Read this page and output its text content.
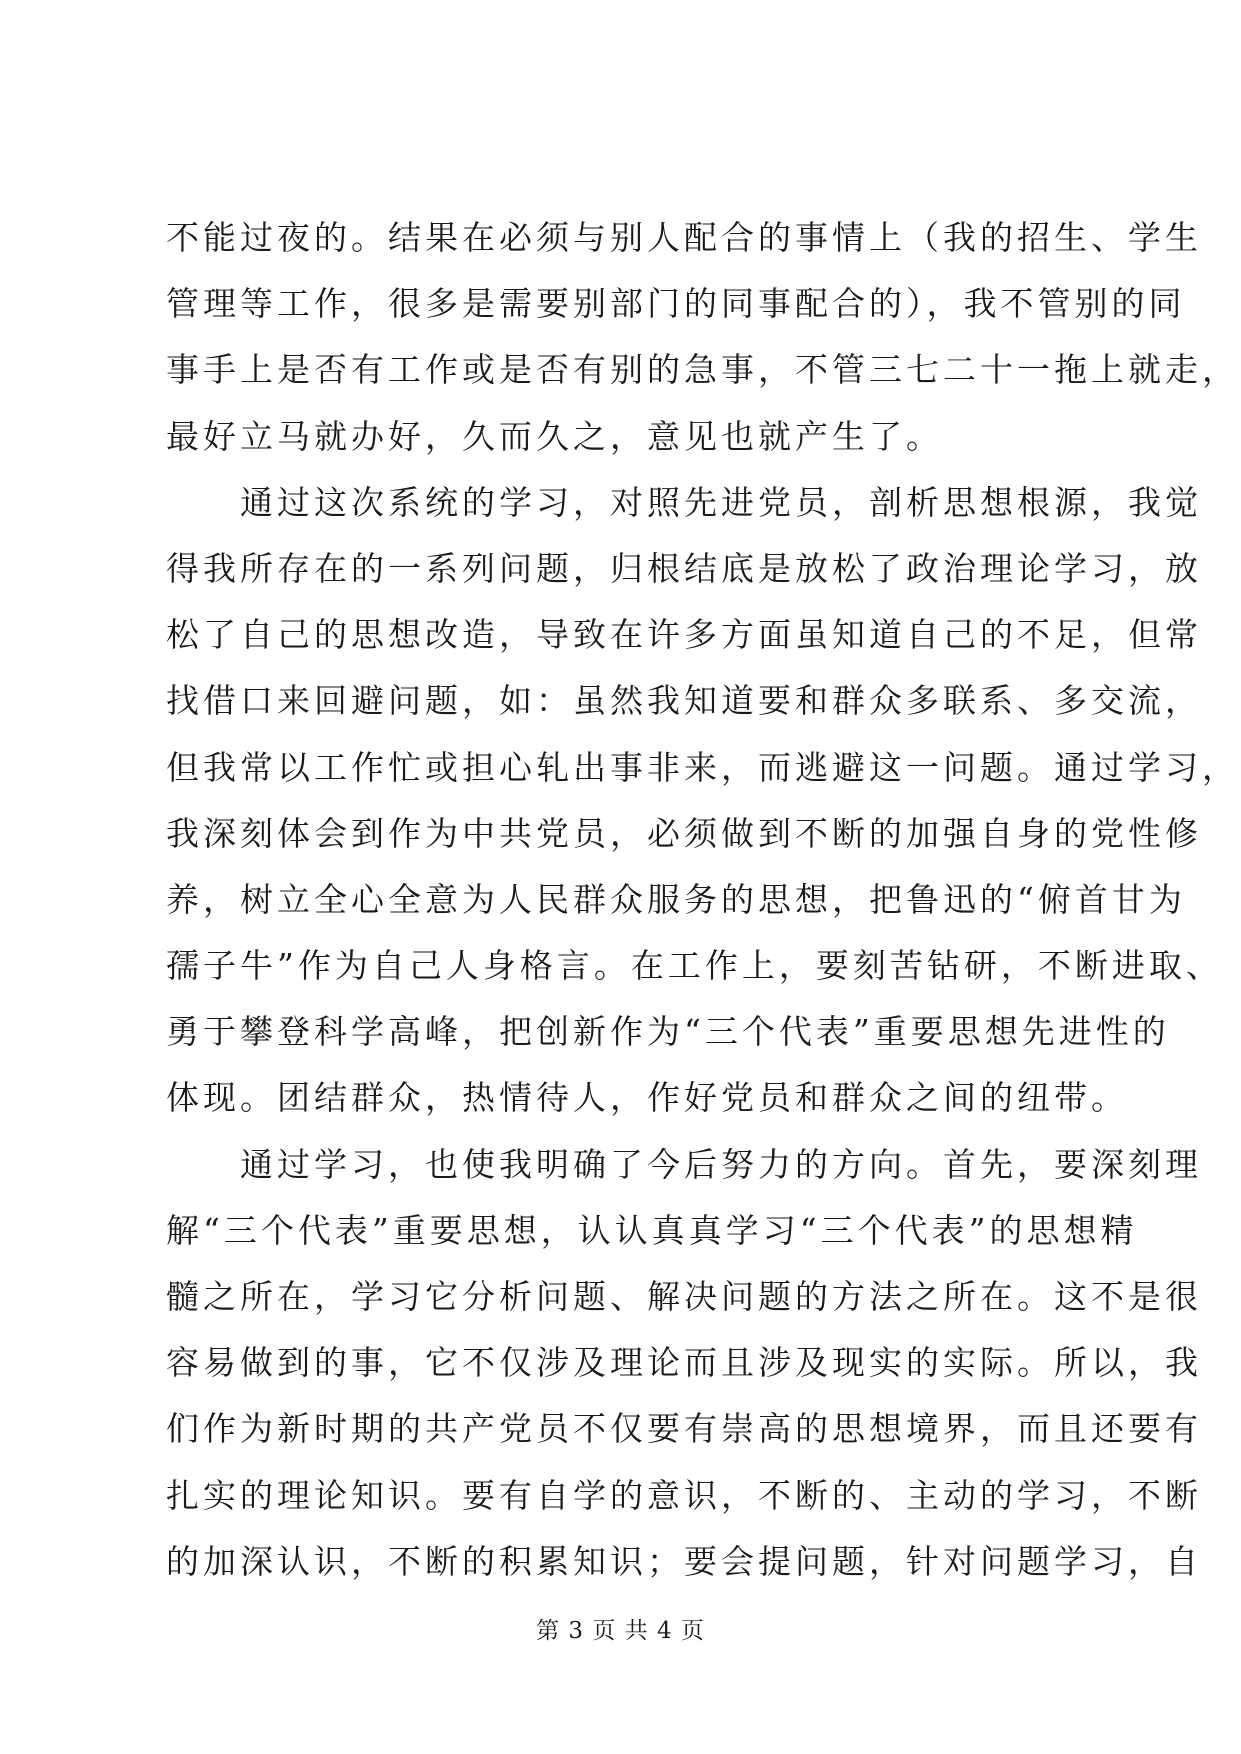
不能过夜的。结果在必须与别人配合的事情上（我的招生、学生
管理等工作，很多是需要别部门的同事配合的），我不管别的同
事手上是否有工作或是否有别的急事，不管三七二十一拖上就走，
最好立马就办好，久而久之，意见也就产生了。
通过这次系统的学习，对照先进党员，剖析思想根源，我觉
得我所存在的一系列问题，归根结底是放松了政治理论学习，放
松了自己的思想改造，导致在许多方面虽知道自己的不足，但常
找借口来回避问题，如：虽然我知道要和群众多联系、多交流，
但我常以工作忙或担心轧出事非来，而逃避这一问题。通过学习，
我深刻体会到作为中共党员，必须做到不断的加强自身的党性修
养，树立全心全意为人民群众服务的思想，把鲁迅的“俯首甘为
孺子牛”作为自己人身格言。在工作上，要刻苦钻研，不断进取、
勇于攀登科学高峰，把创新作为“三个代表”重要思想先进性的
体现。团结群众，热情待人，作好党员和群众之间的纽带。
通过学习，也使我明确了今后努力的方向。首先，要深刻理
解“三个代表”重要思想，认认真真学习“三个代表”的思想精
髓之所在，学习它分析问题、解决问题的方法之所在。这不是很
容易做到的事，它不仅涉及理论而且涉及现实的实际。所以，我
们作为新时期的共产党员不仅要有崇高的思想境界，而且还要有
扎实的理论知识。要有自学的意识，不断的、主动的学习，不断
的加深认识，不断的积累知识；要会提问题，针对问题学习，自
第 3 页 共 4 页
